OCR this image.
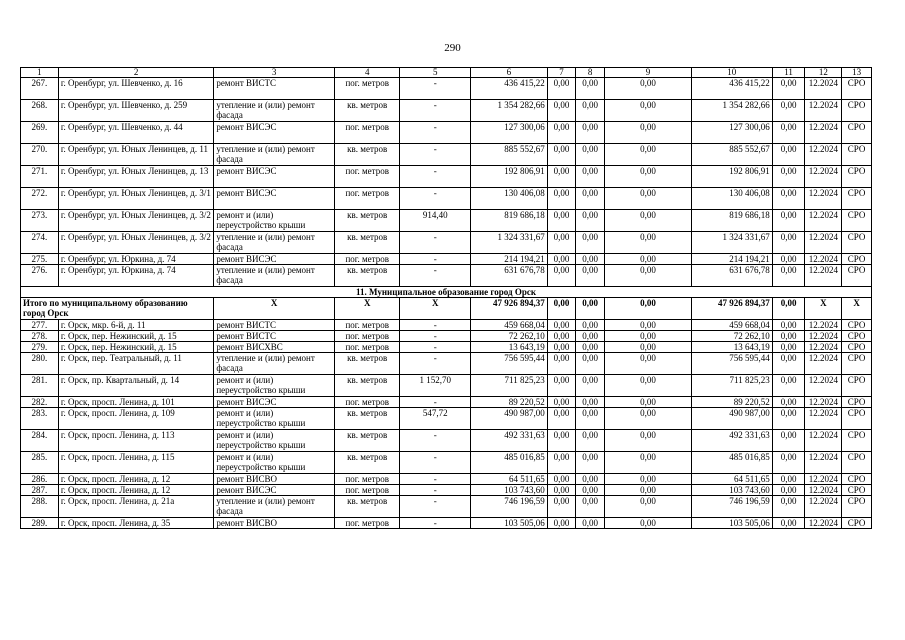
290
1	2	3	4	5	6	7	8	9	10	11	12	13
267.	г. Оренбург, ул. Шевченко, д. 16	ремонт ВИСТС	пог. метров	-	436 415,22	0,00	0,00	0,00	436 415,22	0,00	12.2024	СРО
268.	г. Оренбург, ул. Шевченко, д. 259	утепление и (или) ремонт фасада	кв. метров	-	1 354 282,66	0,00	0,00	0,00	1 354 282,66	0,00	12.2024	СРО
269.	г. Оренбург, ул. Шевченко, д. 44	ремонт ВИСЭС	пог. метров	-	127 300,06	0,00	0,00	0,00	127 300,06	0,00	12.2024	СРО
270.	г. Оренбург, ул. Юных Ленинцев, д. 11	утепление и (или) ремонт фасада	кв. метров	-	885 552,67	0,00	0,00	0,00	885 552,67	0,00	12.2024	СРО
271.	г. Оренбург, ул. Юных Ленинцев, д. 13	ремонт ВИСЭС	пог. метров	-	192 806,91	0,00	0,00	0,00	192 806,91	0,00	12.2024	СРО
272.	г. Оренбург, ул. Юных Ленинцев, д. 3/1	ремонт ВИСЭС	пог. метров	-	130 406,08	0,00	0,00	0,00	130 406,08	0,00	12.2024	СРО
273.	г. Оренбург, ул. Юных Ленинцев, д. 3/2	ремонт и (или) переустройство крыши	кв. метров	914,40	819 686,18	0,00	0,00	0,00	819 686,18	0,00	12.2024	СРО
274.	г. Оренбург, ул. Юных Ленинцев, д. 3/2	утепление и (или) ремонт фасада	кв. метров	-	1 324 331,67	0,00	0,00	0,00	1 324 331,67	0,00	12.2024	СРО
275.	г. Оренбург, ул. Юркина, д. 74	ремонт ВИСЭС	пог. метров	-	214 194,21	0,00	0,00	0,00	214 194,21	0,00	12.2024	СРО
276.	г. Оренбург, ул. Юркина, д. 74	утепление и (или) ремонт фасада	кв. метров	-	631 676,78	0,00	0,00	0,00	631 676,78	0,00	12.2024	СРО
11. Муниципальное образование город Орск												
Итого по муниципальному образованию город Орск		X	X	X	47 926 894,37	0,00	0,00	0,00	47 926 894,37	0,00	X	X
277.	г. Орск, мкр. 6-й, д. 11	ремонт ВИСТС	пог. метров	-	459 668,04	0,00	0,00	0,00	459 668,04	0,00	12.2024	СРО
278.	г. Орск, пер. Нежинский, д. 15	ремонт ВИСТС	пог. метров	-	72 262,10	0,00	0,00	0,00	72 262,10	0,00	12.2024	СРО
279.	г. Орск, пер. Нежинский, д. 15	ремонт ВИСХВС	пог. метров	-	13 643,19	0,00	0,00	0,00	13 643,19	0,00	12.2024	СРО
280.	г. Орск, пер. Театральный, д. 11	утепление и (или) ремонт фасада	кв. метров	-	756 595,44	0,00	0,00	0,00	756 595,44	0,00	12.2024	СРО
281.	г. Орск, пр. Квартальный, д. 14	ремонт и (или) переустройство крыши	кв. метров	1 152,70	711 825,23	0,00	0,00	0,00	711 825,23	0,00	12.2024	СРО
282.	г. Орск, просп. Ленина, д. 101	ремонт ВИСЭС	пог. метров	-	89 220,52	0,00	0,00	0,00	89 220,52	0,00	12.2024	СРО
283.	г. Орск, просп. Ленина, д. 109	ремонт и (или) переустройство крыши	кв. метров	547,72	490 987,00	0,00	0,00	0,00	490 987,00	0,00	12.2024	СРО
284.	г. Орск, просп. Ленина, д. 113	ремонт и (или) переустройство крыши	кв. метров	-	492 331,63	0,00	0,00	0,00	492 331,63	0,00	12.2024	СРО
285.	г. Орск, просп. Ленина, д. 115	ремонт и (или) переустройство крыши	кв. метров	-	485 016,85	0,00	0,00	0,00	485 016,85	0,00	12.2024	СРО
286.	г. Орск, просп. Ленина, д. 12	ремонт ВИСВО	пог. метров	-	64 511,65	0,00	0,00	0,00	64 511,65	0,00	12.2024	СРО
287.	г. Орск, просп. Ленина, д. 12	ремонт ВИСЭС	пог. метров	-	103 743,60	0,00	0,00	0,00	103 743,60	0,00	12.2024	СРО
288.	г. Орск, просп. Ленина, д. 21а	утепление и (или) ремонт фасада	кв. метров	-	746 196,59	0,00	0,00	0,00	746 196,59	0,00	12.2024	СРО
289.	г. Орск, просп. Ленина, д. 35	ремонт ВИСВО	пог. метров	-	103 505,06	0,00	0,00	0,00	103 505,06	0,00	12.2024	СРО
